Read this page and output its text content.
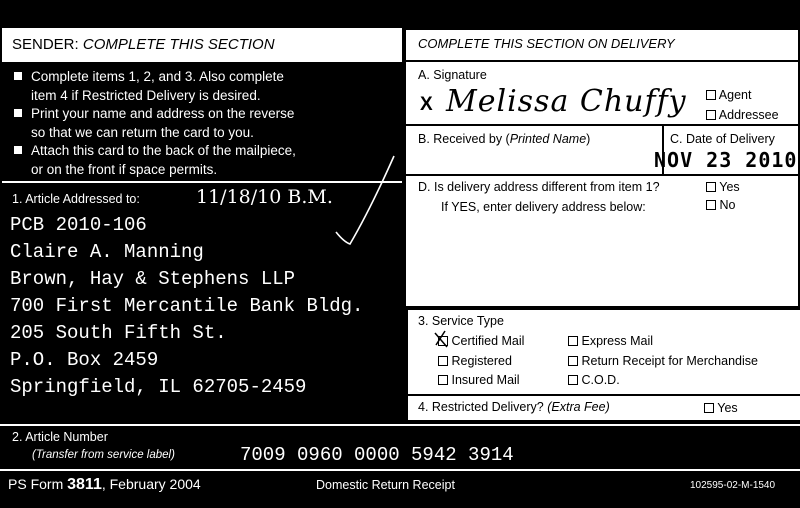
SENDER: COMPLETE THIS SECTION
Complete items 1, 2, and 3. Also complete
item 4 if Restricted Delivery is desired.
Print your name and address on the reverse
so that we can return the card to you.
Attach this card to the back of the mailpiece,
or on the front if space permits.
1. Article Addressed to:	11/18/10 B.M.
PCB 2010-106
Claire A. Manning
Brown, Hay & Stephens LLP
700 First Mercantile Bank Bldg.
205 South Fifth St.
P.O. Box 2459
Springfield, IL 62705-2459
COMPLETE THIS SECTION ON DELIVERY
A. Signature
X Melissa Chuffy	Agent
Addressee
B. Received by (Printed Name)	C. Date of Delivery
NOV 23 2010
D. Is delivery address different from item 1?
If YES, enter delivery address below:
Yes
No
3. Service Type
Certified Mail	Express Mail
Registered	Return Receipt for Merchandise
Insured Mail	C.O.D.
4. Restricted Delivery? (Extra Fee)	Yes
2. Article Number
(Transfer from service label)	7009 0960 0000 5942 3914
PS Form 3811, February 2004	Domestic Return Receipt	102595-02-M-1540
